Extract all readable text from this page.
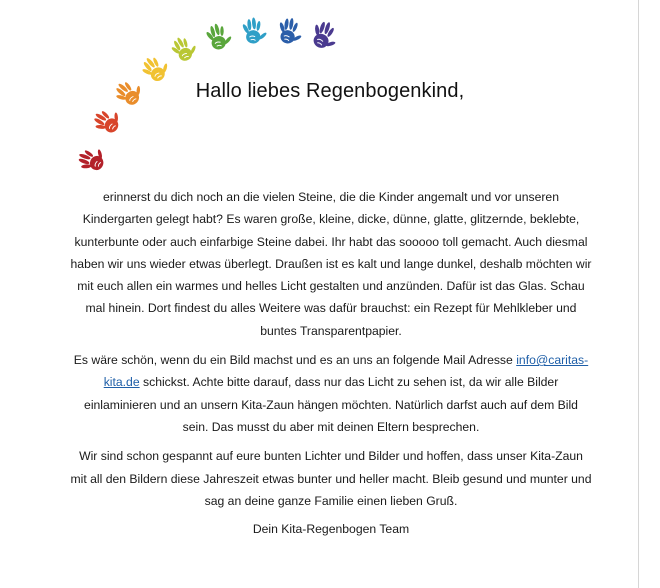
Hallo liebes Regenbogenkind,

erinnerst du dich noch an die vielen Steine, die die Kinder angemalt und vor unseren Kindergarten gelegt habt? Es waren große, kleine, dicke, dünne, glatte, glitzernde, beklebte, kunterbunte oder auch einfarbige Steine dabei. Ihr habt das sooooo toll gemacht. Auch diesmal haben wir uns wieder etwas überlegt. Draußen ist es kalt und lange dunkel, deshalb möchten wir mit euch allen ein warmes und helles Licht gestalten und anzünden. Dafür ist das Glas. Schau mal hinein. Dort findest du alles Weitere was dafür brauchst: ein Rezept für Mehlkleber und buntes Transparentpapier.

Es wäre schön, wenn du ein Bild machst und es an uns an folgende Mail Adresse info@caritas-kita.de schickst. Achte bitte darauf, dass nur das Licht zu sehen ist, da wir alle Bilder einlaminieren und an unsern Kita-Zaun hängen möchten. Natürlich darfst auch auf dem Bild sein. Das musst du aber mit deinen Eltern besprechen.

Wir sind schon gespannt auf eure bunten Lichter und Bilder und hoffen, dass unser Kita-Zaun mit all den Bildern diese Jahreszeit etwas bunter und heller macht. Bleib gesund und munter und sag an deine ganze Familie einen lieben Gruß.

Dein Kita-Regenbogen Team
